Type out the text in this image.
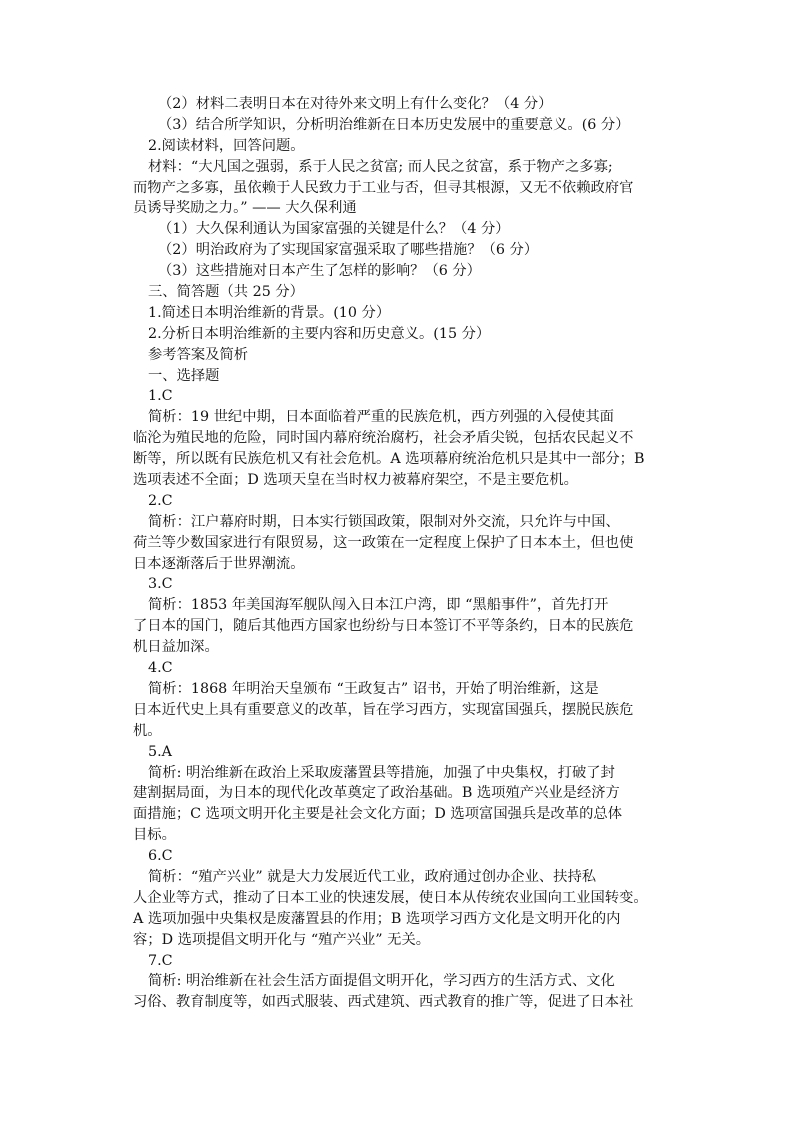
（2）材料二表明日本在对待外来文明上有什么变化？（4 分）
（3）结合所学知识，分析明治维新在日本历史发展中的重要意义。(6 分）
2.阅读材料，回答问题。
材料：“大凡国之强弱，系于人民之贫富; 而人民之贫富，系于物产之多寡;
而物产之多寡，虽依赖于人民致力于工业与否，但寻其根源，又无不依赖政府官
员诱导奖励之力。” —— 大久保利通
（1）大久保利通认为国家富强的关键是什么？（4 分）
（2）明治政府为了实现国家富强采取了哪些措施？（6 分）
（3）这些措施对日本产生了怎样的影响？（6 分）
三、简答题（共 25 分）
1.简述日本明治维新的背景。(10 分）
2.分析日本明治维新的主要内容和历史意义。(15 分）
参考答案及简析
一、选择题
1.C
简析：19 世纪中期，日本面临着严重的民族危机，西方列强的入侵使其面
临沦为殖民地的危险，同时国内幕府统治腐朽，社会矛盾尖锐，包括农民起义不
断等，所以既有民族危机又有社会危机。A 选项幕府统治危机只是其中一部分；B
选项表述不全面；D 选项天皇在当时权力被幕府架空，不是主要危机。
2.C
简析：江户幕府时期，日本实行锁国政策，限制对外交流，只允许与中国、
荷兰等少数国家进行有限贸易，这一政策在一定程度上保护了日本本土，但也使
日本逐渐落后于世界潮流。
3.C
简析：1853 年美国海军舰队闯入日本江户湾，即 “黑船事件”，首先打开
了日本的国门，随后其他西方国家也纷纷与日本签订不平等条约，日本的民族危
机日益加深。
4.C
简析：1868 年明治天皇颁布 “王政复古” 诏书，开始了明治维新，这是
日本近代史上具有重要意义的改革，旨在学习西方，实现富国强兵，摆脱民族危
机。
5.A
简析: 明治维新在政治上采取废藩置县等措施，加强了中央集权，打破了封
建割据局面，为日本的现代化改革奠定了政治基础。B 选项殖产兴业是经济方
面措施；C 选项文明开化主要是社会文化方面；D 选项富国强兵是改革的总体
目标。
6.C
简析：“殖产兴业” 就是大力发展近代工业，政府通过创办企业、扶持私
人企业等方式，推动了日本工业的快速发展，使日本从传统农业国向工业国转变。
A 选项加强中央集权是废藩置县的作用；B 选项学习西方文化是文明开化的内
容；D 选项提倡文明开化与 “殖产兴业” 无关。
7.C
简析: 明治维新在社会生活方面提倡文明开化，学习西方的生活方式、文化
习俗、教育制度等，如西式服装、西式建筑、西式教育的推广等，促进了日本社
